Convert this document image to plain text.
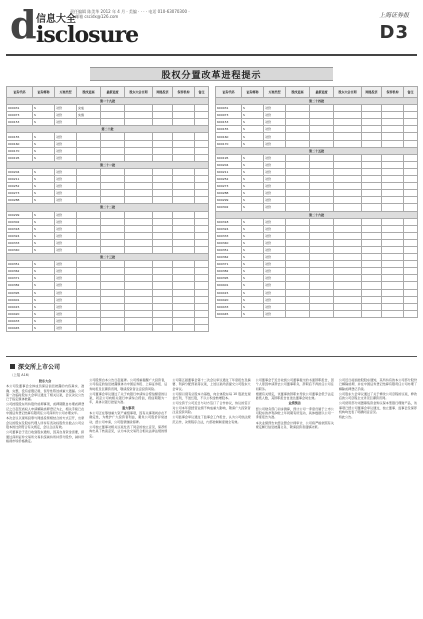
d 信息大全
isclosure
责任编辑 陈美华 2012 年 4 月 · 美编 · · · · 电话 010-63070300 · · · 邮箱 cscidx@126.com	上海证券报
D3
股权分置改革进程提示
证券代码	证券简称	方案类型	股改进展	最新进度	股东大会日期	网络投票	保荐机构	备注
第一十九批								
000031	S	对价	完成					
000073	S	对价	实施					
000153	S	对价						
第二十批								
000155	S	对价						
000160	S	对价						
000170	S	对价						
000195	S	对价						
第二十一批								
000204	S	对价						
000211	S	对价						
000252	S	对价						
000273	S	对价						
000288	S	对价						
第二十二批								
000299	S	对价						
000302	S	对价						
000318	S	对价						
000324	S	对价						
000333	S	对价						
000340	S	对价						
第二十三批								
000351	S	对价						
000362	S	对价						
000371	S	对价						
000382	S	对价						
000395	S	对价						
000401	S	对价						
000415	S	对价						
000420	S	对价						
000433	S	对价						
000445	S	对价						
证券代码	证券简称	方案类型	股改进展	最新进度	股东大会日期	网络投票	保荐机构	备注
第二十四批								
600031	S	对价						
600073	S	对价						
600153	S	对价						
600155	S	对价						
600160	S	对价						
600170	S	对价						
第二十五批								
600195	S	对价						
600204	S	对价						
600211	S	对价						
600252	S	对价						
600273	S	对价						
600288	S	对价						
600299	S	对价						
600302	S	对价						
第二十六批								
600318	S	对价						
600324	S	对价						
600333	S	对价						
600340	S	对价						
600351	S	对价						
600362	S	对价						
600371	S	对价						
600382	S	对价						
600395	S	对价						
600401	S	对价						
600415	S	对价						
600420	S	对价						
600433	S	对价						
600445	S	对价						
深交所上市公司
（上接 A16）
股东大会

本公司及董事会全体成员保证信息披露的内容真实、准确、完整，没有虚假记载、误导性陈述或重大遗漏。公司第一次临时股东大会审议通过了相关议案，会议决议公告已于指定媒体披露。

公司控股股东所持股份质押事项，质押期限自办理质押登记之日起至质权人申请解除质押登记为止，相关手续已在中国证券登记结算有限责任公司深圳分公司办理完毕。

本次会议以现场投票与网络投票相结合的方式召开，出席会议的股东及股东代理人所持有表决权股份总数占公司总股本的比例符合有关规定，会议合法有效。

公司董事会于近日收到股东通知，因其自身资金需要，拟通过深圳证券交易所交易系统减持所持部分股份，减持价格视市场价格确定。

公司股票自本公告日起复牌。公司郑重提醒广大投资者，公司指定的信息披露媒体为中国证券报、上海证券报、证券时报及巨潮资讯网，敬请投资者注意投资风险。

公司董事会审议通过了关于向银行申请综合授信额度的议案，同意公司向相关银行申请综合授信，授信期限为一年，具体以银行批复为准。

重大事项

本公司正在筹划重大资产重组事项，因有关事项尚存在不确定性，为维护广大投资者利益，避免公司股价异常波动，经公司申请，公司股票继续停牌。

公司独立董事对相关议案发表了同意的独立意见，保荐机构出具了核查意见，认为本次交易符合相关法律法规的规定。

公司第五届董事会第十二次会议审议通过了年度报告及摘要、利润分配预案等议案，上述议案尚需提交公司股东大会审议。

公司拟以现有总股本为基数，向全体股东每 10 股派发现金红利，不送红股，不以公积金转增股本。

公司全资子公司近日与对方签订了合作协议，协议的签订对公司本年度经营业绩不构成重大影响，敬请广大投资者注意投资风险。

公司监事会审议通过了监事会工作报告，认为公司依法规范运作，决策程序合法，内部控制制度健全有效。

公司董事会于近日收到公司董事提交的书面辞职报告，因个人原因申请辞去公司董事职务，辞职后不再担任公司任何职务。

根据有关规定，该董事的辞职未导致公司董事会低于法定最低人数，其辞职报告自送达董事会时生效。

业绩预告

经公司财务部门初步测算，预计公司一季度归属于上市公司股东的净利润较上年同期有所变动，具体数据以公司一季度报告为准。

本次业绩预告未经注册会计师审计，公司将严格依照有关规定履行信息披露义务，敬请投资者谨慎决策。

公司近日接到控股股东通知，其所持有的本公司部分股份已解除质押，并在中国证券登记结算有限责任公司办理了解除质押登记手续。

公司股东大会审议通过了关于修改公司章程的议案，修改后的公司章程全文详见巨潮资讯网。

公司使用部分闲置募集资金购买保本型银行理财产品，该事项已经公司董事会审议通过，独立董事、监事会及保荐机构均发表了明确同意意见。

特此公告。
